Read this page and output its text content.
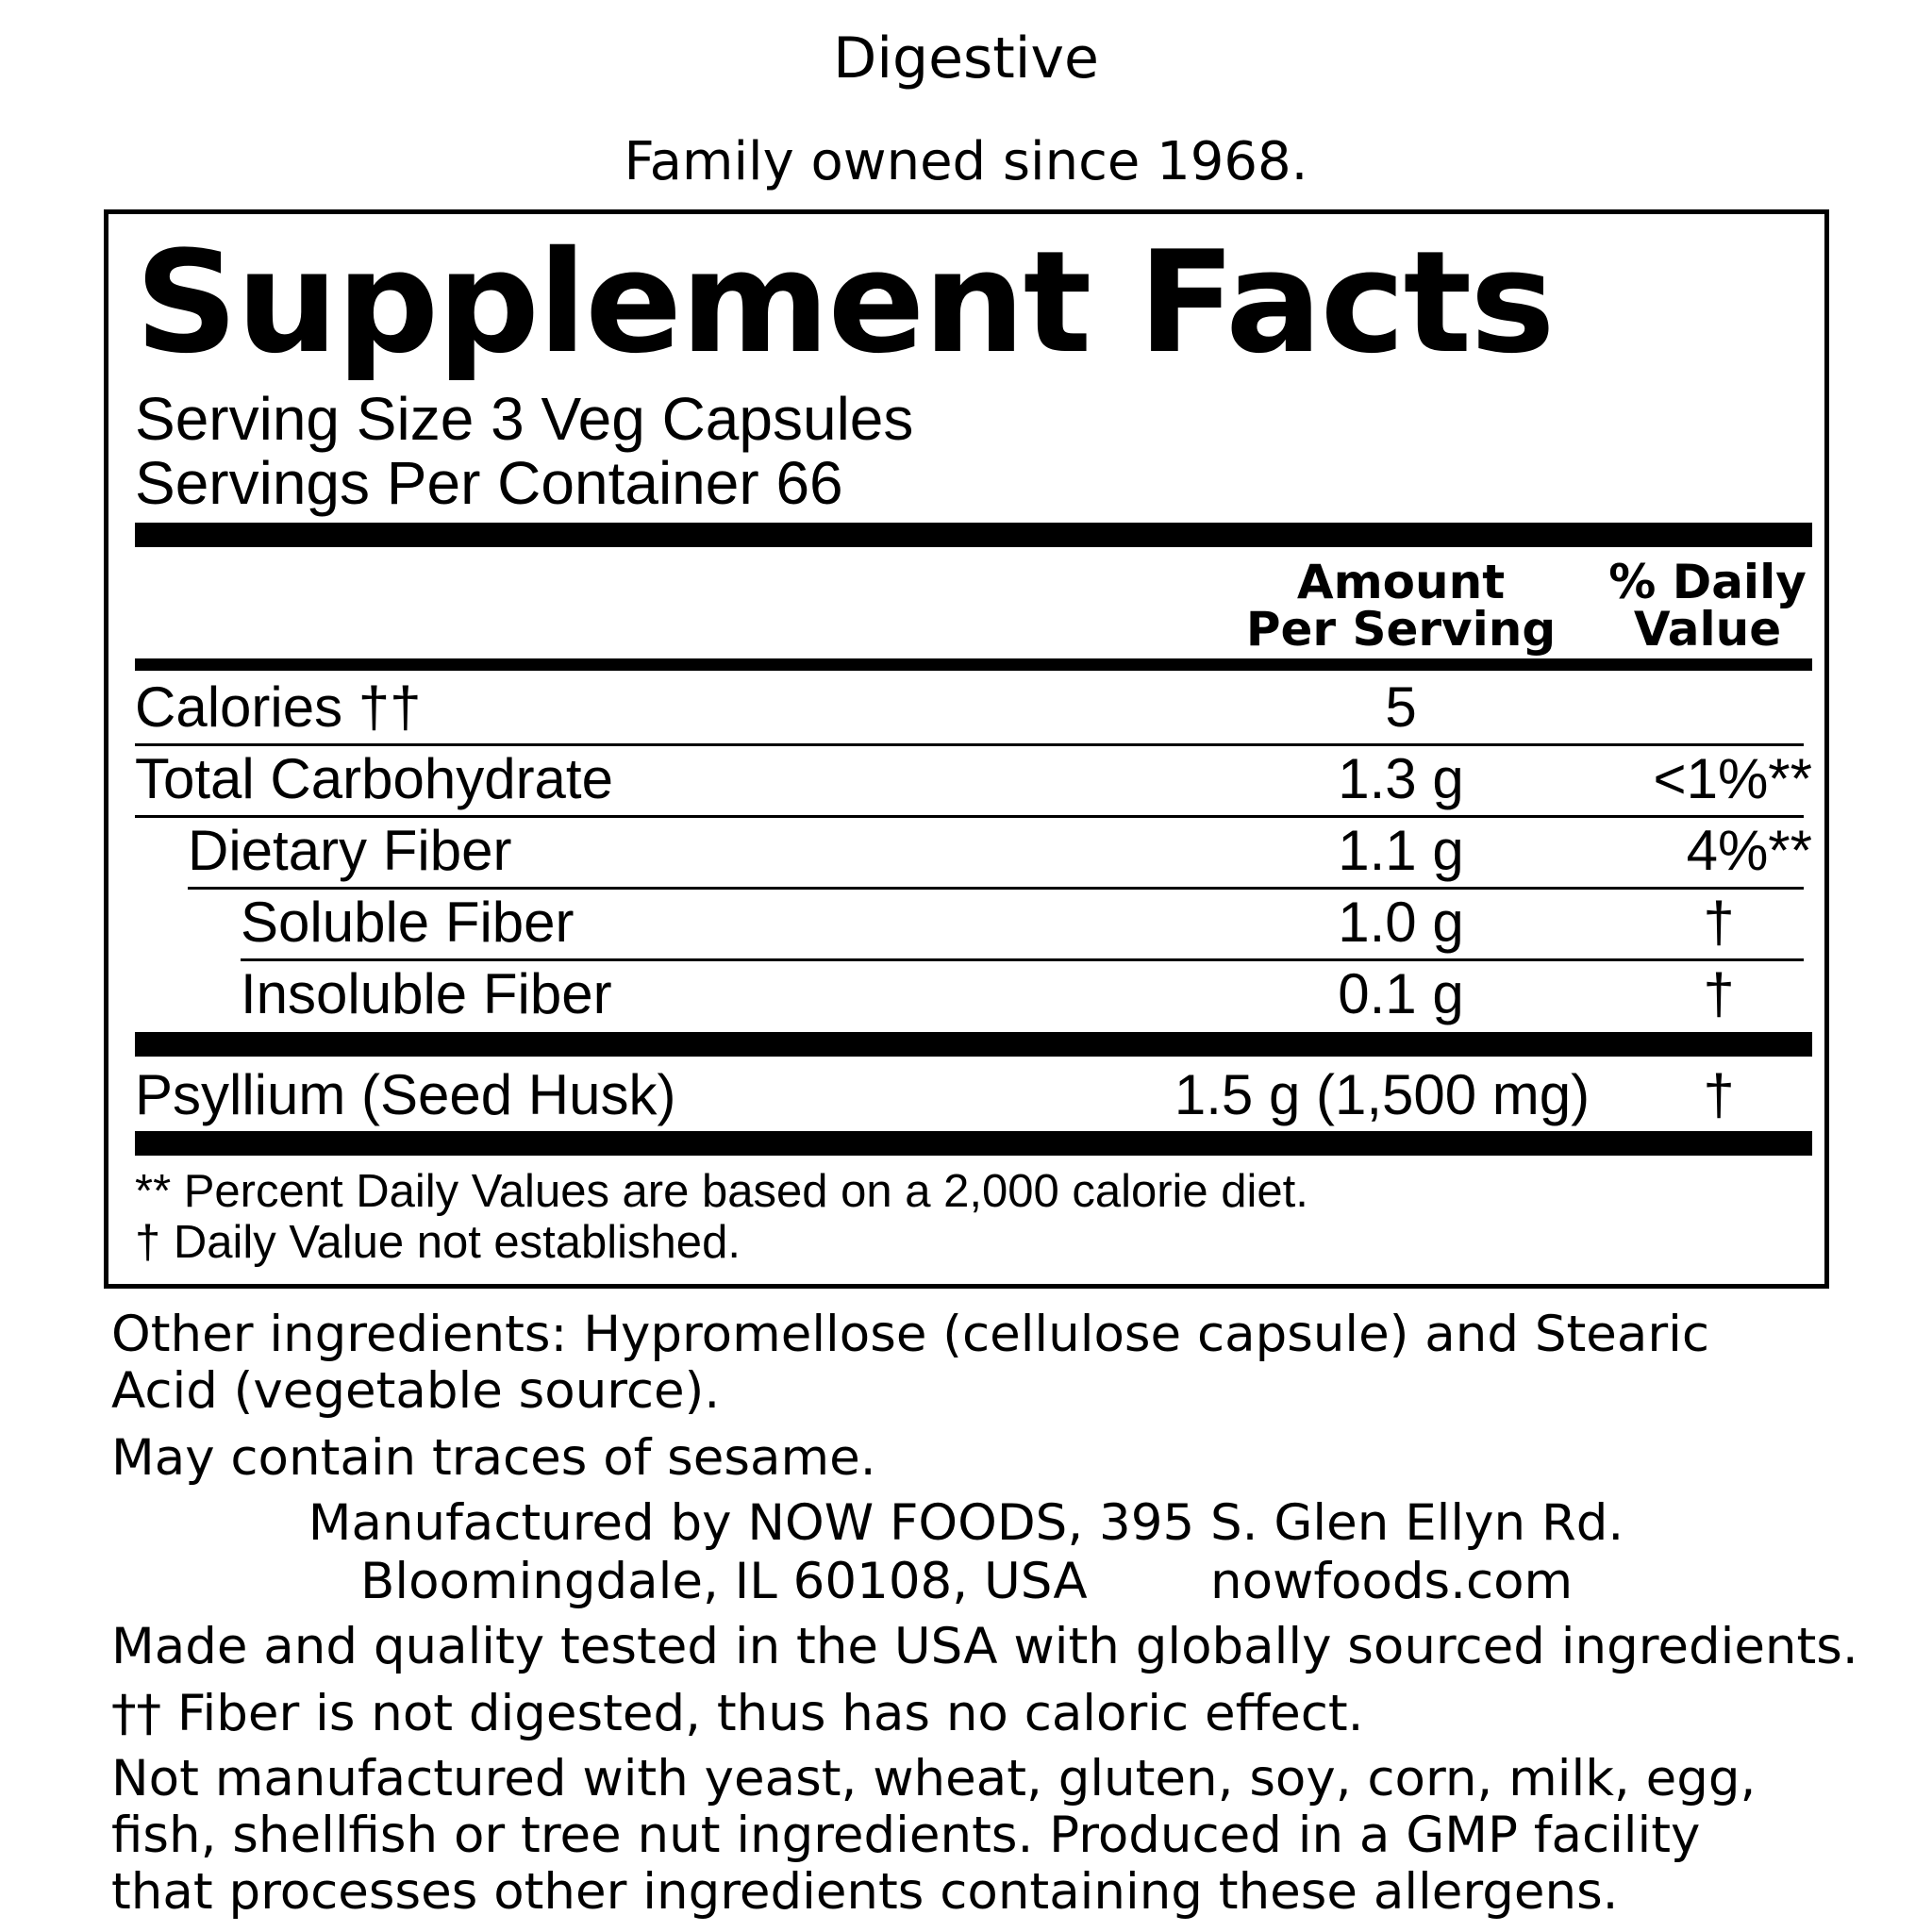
Digestive
Family owned since 1968.
Supplement Facts
Serving Size 3 Veg Capsules
Servings Per Container 66
Amount
Per Serving
% Daily
Value
Calories ††	5
Total Carbohydrate	1.3 g	<1%**
Dietary Fiber	1.1 g	4%**
Soluble Fiber	1.0 g	†
Insoluble Fiber	0.1 g	†
Psyllium (Seed Husk)	1.5 g (1,500 mg)	†
** Percent Daily Values are based on a 2,000 calorie diet.
† Daily Value not established.
Other ingredients: Hypromellose (cellulose capsule) and Stearic
Acid (vegetable source).
May contain traces of sesame.
Manufactured by NOW FOODS, 395 S. Glen Ellyn Rd.
Bloomingdale, IL 60108, USA nowfoods.com
Made and quality tested in the USA with globally sourced ingredients.
†† Fiber is not digested, thus has no caloric effect.
Not manufactured with yeast, wheat, gluten, soy, corn, milk, egg,
fish, shellfish or tree nut ingredients. Produced in a GMP facility
that processes other ingredients containing these allergens.
